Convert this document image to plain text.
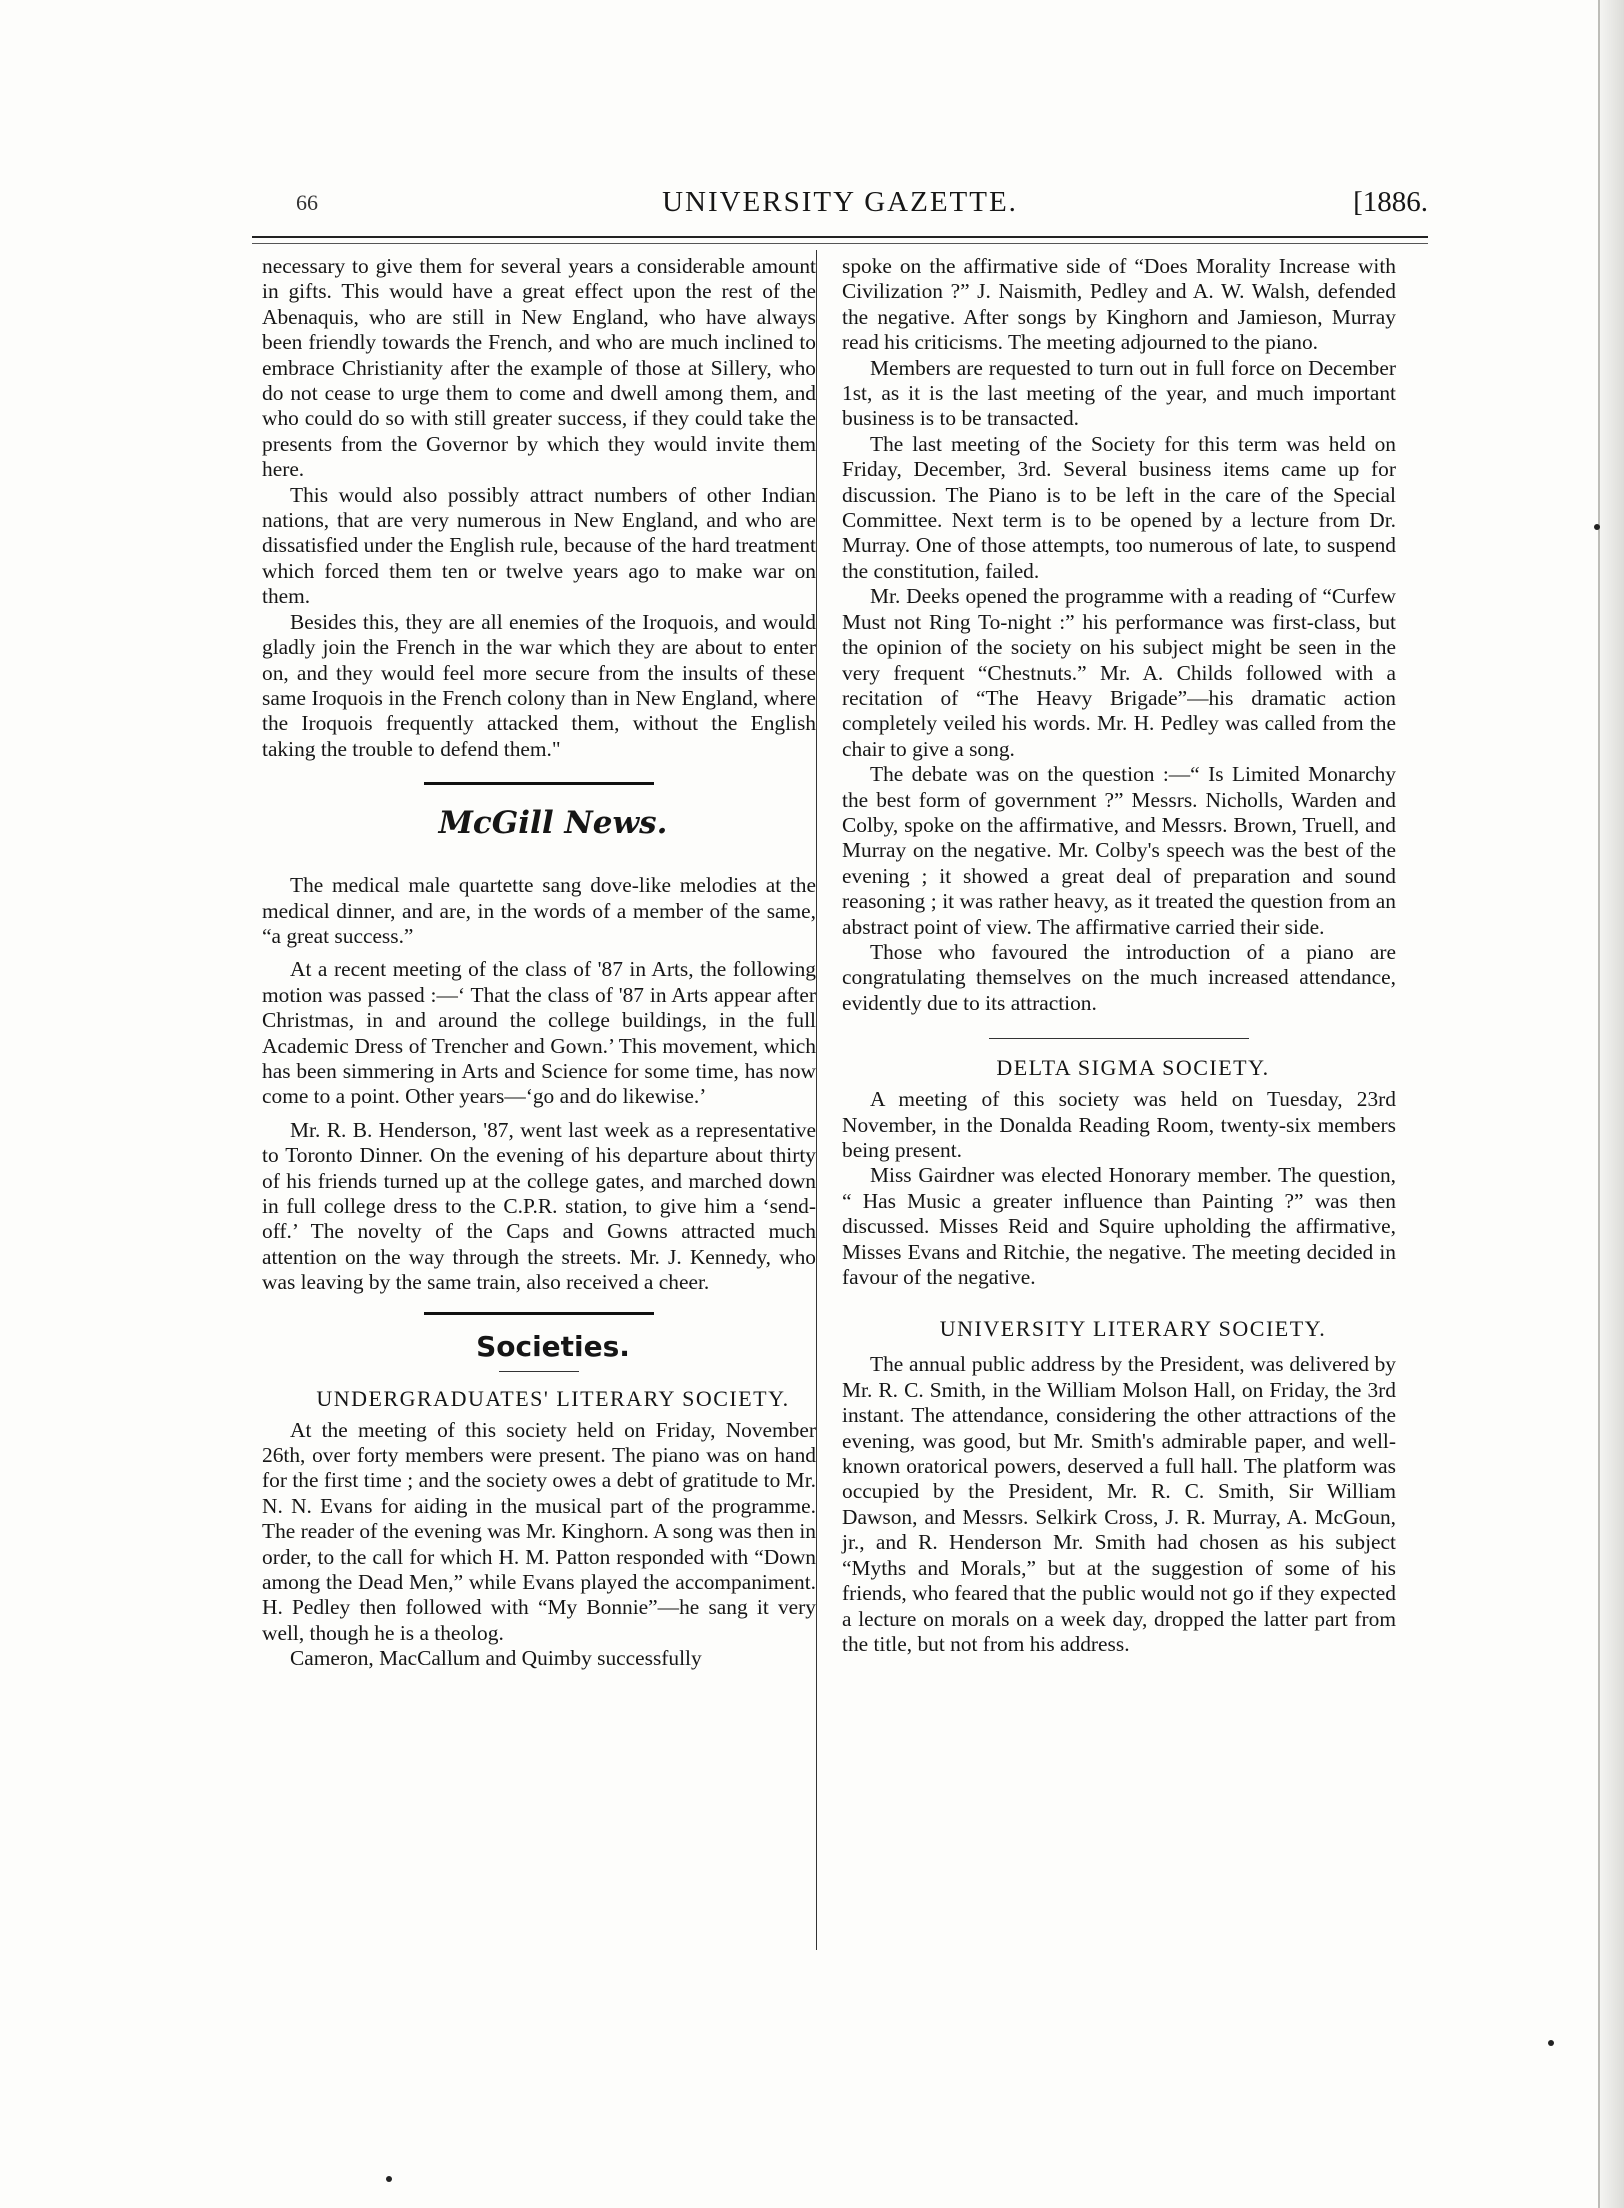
66	UNIVERSITY GAZETTE.	[1886.

necessary to give them for several years a considerable amount in gifts. This would have a great effect upon the rest of the Abenaquis, who are still in New England, who have always been friendly towards the French, and who are much inclined to embrace Christianity after the example of those at Sillery, who do not cease to urge them to come and dwell among them, and who could do so with still greater success, if they could take the presents from the Governor by which they would invite them here.

This would also possibly attract numbers of other Indian nations, that are very numerous in New England, and who are dissatisfied under the English rule, because of the hard treatment which forced them ten or twelve years ago to make war on them.

Besides this, they are all enemies of the Iroquois, and would gladly join the French in the war which they are about to enter on, and they would feel more secure from the insults of these same Iroquois in the French colony than in New England, where the Iroquois frequently attacked them, without the English taking the trouble to defend them."

McGill News.

The medical male quartette sang dove-like melodies at the medical dinner, and are, in the words of a member of the same, “a great success.”

At a recent meeting of the class of '87 in Arts, the following motion was passed :—‘ That the class of '87 in Arts appear after Christmas, in and around the college buildings, in the full Academic Dress of Trencher and Gown.’ This movement, which has been simmering in Arts and Science for some time, has now come to a point. Other years—‘go and do likewise.’

Mr. R. B. Henderson, '87, went last week as a representative to Toronto Dinner. On the evening of his departure about thirty of his friends turned up at the college gates, and marched down in full college dress to the C.P.R. station, to give him a ‘send-off.’ The novelty of the Caps and Gowns attracted much attention on the way through the streets. Mr. J. Kennedy, who was leaving by the same train, also received a cheer.

Societies.

UNDERGRADUATES' LITERARY SOCIETY.

At the meeting of this society held on Friday, November 26th, over forty members were present. The piano was on hand for the first time ; and the society owes a debt of gratitude to Mr. N. N. Evans for aiding in the musical part of the programme. The reader of the evening was Mr. Kinghorn. A song was then in order, to the call for which H. M. Patton responded with “Down among the Dead Men,” while Evans played the accompaniment. H. Pedley then followed with “My Bonnie”—he sang it very well, though he is a theolog.

Cameron, MacCallum and Quimby successfully

spoke on the affirmative side of “Does Morality Increase with Civilization ?” J. Naismith, Pedley and A. W. Walsh, defended the negative. After songs by Kinghorn and Jamieson, Murray read his criticisms. The meeting adjourned to the piano.

Members are requested to turn out in full force on December 1st, as it is the last meeting of the year, and much important business is to be transacted.

The last meeting of the Society for this term was held on Friday, December, 3rd. Several business items came up for discussion. The Piano is to be left in the care of the Special Committee. Next term is to be opened by a lecture from Dr. Murray. One of those attempts, too numerous of late, to suspend the constitution, failed.

Mr. Deeks opened the programme with a reading of “Curfew Must not Ring To-night :” his performance was first-class, but the opinion of the society on his subject might be seen in the very frequent “Chestnuts.” Mr. A. Childs followed with a recitation of “The Heavy Brigade”—his dramatic action completely veiled his words. Mr. H. Pedley was called from the chair to give a song.

The debate was on the question :—“ Is Limited Monarchy the best form of government ?” Messrs. Nicholls, Warden and Colby, spoke on the affirmative, and Messrs. Brown, Truell, and Murray on the negative. Mr. Colby's speech was the best of the evening ; it showed a great deal of preparation and sound reasoning ; it was rather heavy, as it treated the question from an abstract point of view. The affirmative carried their side.

Those who favoured the introduction of a piano are congratulating themselves on the much increased attendance, evidently due to its attraction.

DELTA SIGMA SOCIETY.

A meeting of this society was held on Tuesday, 23rd November, in the Donalda Reading Room, twenty-six members being present.

Miss Gairdner was elected Honorary member. The question, “ Has Music a greater influence than Painting ?” was then discussed. Misses Reid and Squire upholding the affirmative, Misses Evans and Ritchie, the negative. The meeting decided in favour of the negative.

UNIVERSITY LITERARY SOCIETY.

The annual public address by the President, was delivered by Mr. R. C. Smith, in the William Molson Hall, on Friday, the 3rd instant. The attendance, considering the other attractions of the evening, was good, but Mr. Smith's admirable paper, and well-known oratorical powers, deserved a full hall. The platform was occupied by the President, Mr. R. C. Smith, Sir William Dawson, and Messrs. Selkirk Cross, J. R. Murray, A. McGoun, jr., and R. Henderson Mr. Smith had chosen as his subject “Myths and Morals,” but at the suggestion of some of his friends, who feared that the public would not go if they expected a lecture on morals on a week day, dropped the latter part from the title, but not from his address.
